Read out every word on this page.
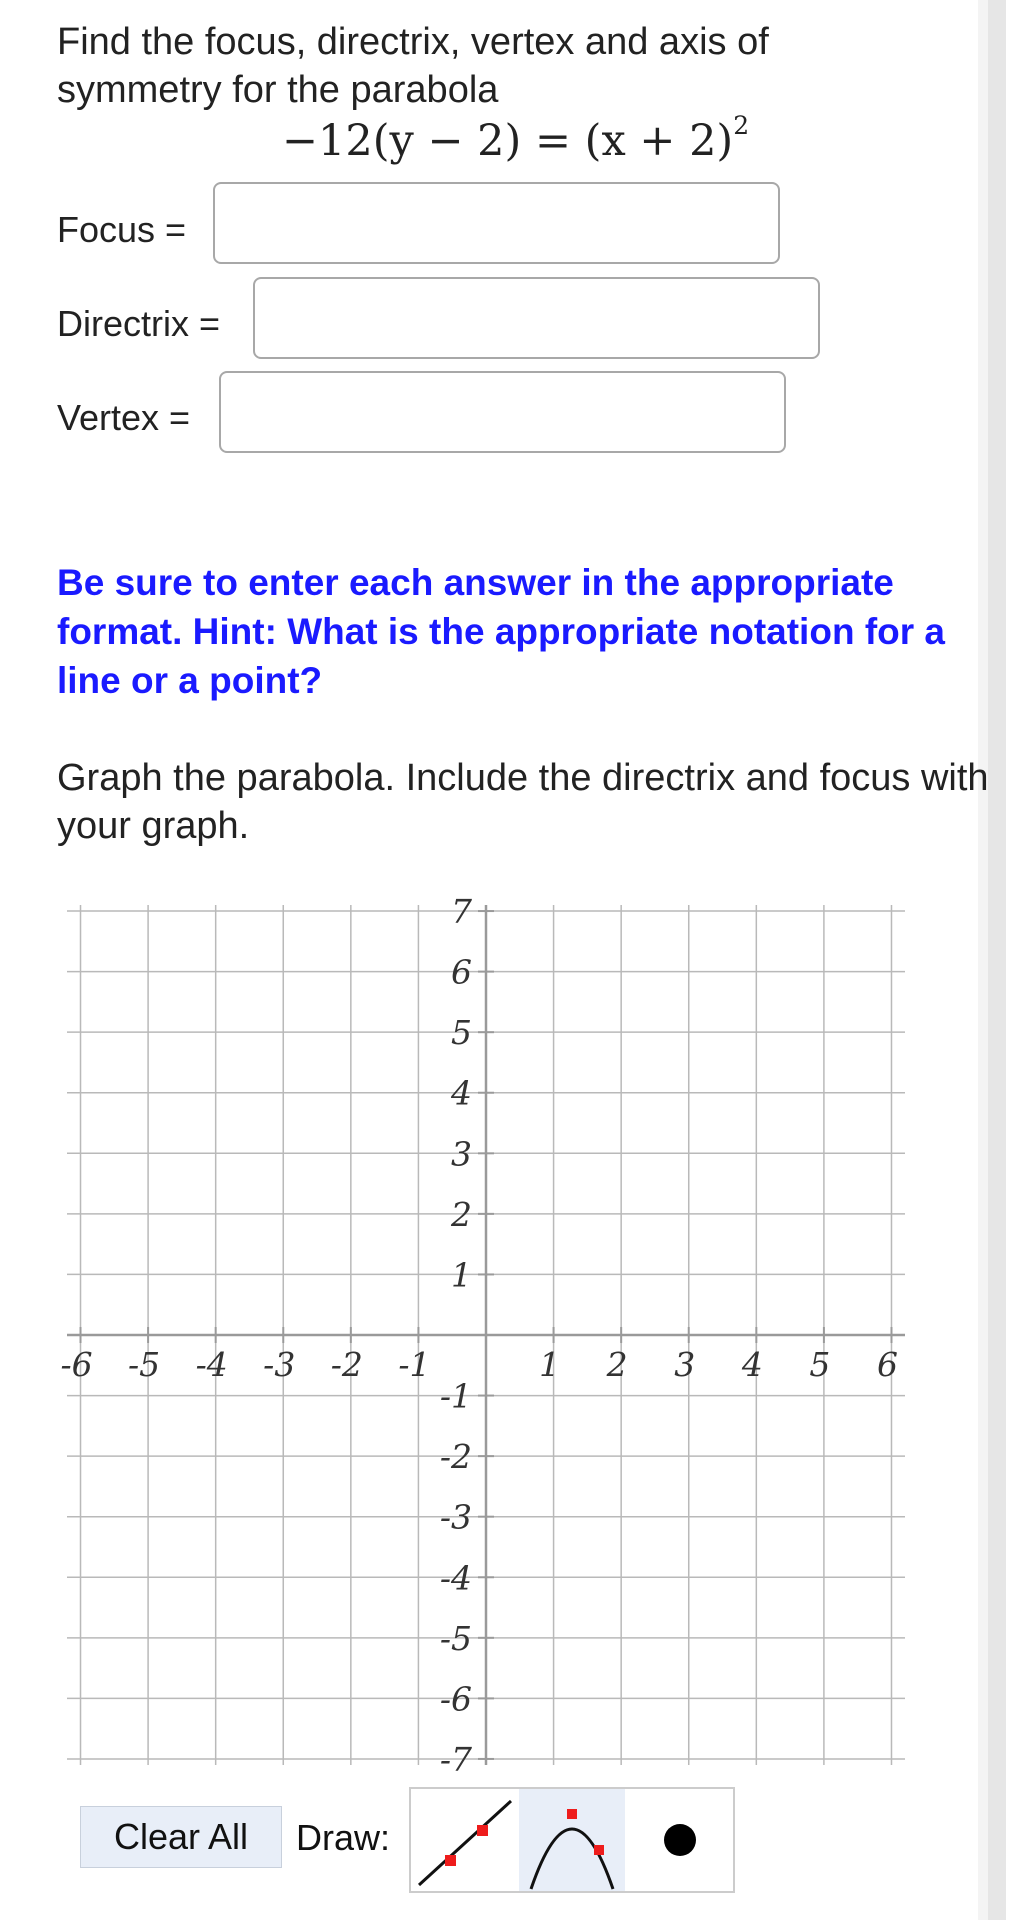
Find the focus, directrix, vertex and axis of symmetry for the parabola
$-12(y - 2) = (x + 2)^2$
Focus =
Directrix =
Vertex =
Be sure to enter each answer in the appropriate format. Hint: What is the appropriate notation for a line or a point?
Graph the parabola. Include the directrix and focus with your graph.
-6 -5 -4 -3 -2 -1	1 2 3 4 5 6
7
6
5
4
3
2
1
-1
-2
-3
-4
-5
-6
-7
Clear All	Draw:
